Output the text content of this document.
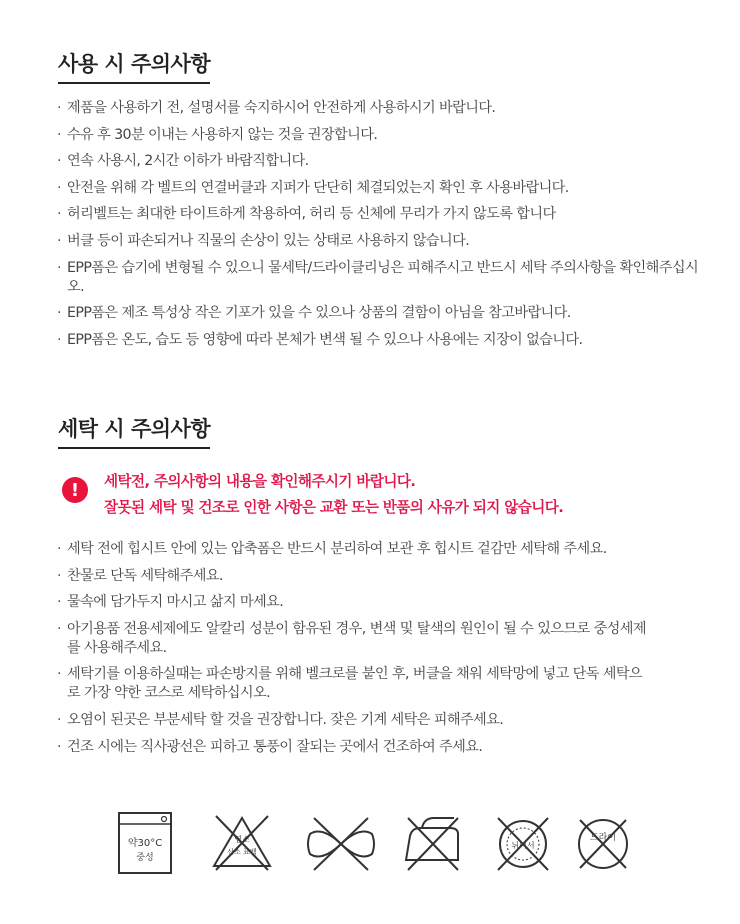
사용 시 주의사항
· 제품을 사용하기 전, 설명서를 숙지하시어 안전하게 사용하시기 바랍니다.
· 수유 후 30분 이내는 사용하지 않는 것을 권장합니다.
· 연속 사용시, 2시간 이하가 바람직합니다.
· 안전을 위해 각 벨트의 연결버클과 지퍼가 단단히 체결되었는지 확인 후 사용바랍니다.
· 허리벨트는 최대한 타이트하게 착용하여, 허리 등 신체에 무리가 가지 않도록 합니다
· 버클 등이 파손되거나 직물의 손상이 있는 상태로 사용하지 않습니다.
· EPP폼은 습기에 변형될 수 있으니 물세탁/드라이클리닝은 피해주시고 반드시 세탁 주의사항을 확인해주십시오.
· EPP폼은 제조 특성상 작은 기포가 있을 수 있으나 상품의 결함이 아님을 참고바랍니다.
· EPP폼은 온도, 습도 등 영향에 따라 본체가 변색 될 수 있으나 사용에는 지장이 없습니다.
세탁 시 주의사항
!	세탁전, 주의사항의 내용을 확인해주시기 바랍니다.
잘못된 세탁 및 건조로 인한 사항은 교환 또는 반품의 사유가 되지 않습니다.
· 세탁 전에 힙시트 안에 있는 압축폼은 반드시 분리하여 보관 후 힙시트 겉감만 세탁해 주세요.
· 찬물로 단독 세탁해주세요.
· 물속에 담가두지 마시고 삶지 마세요.
· 아기용품 전용세제에도 알칼리 성분이 함유된 경우, 변색 및 탈색의 원인이 될 수 있으므로 중성세제를 사용해주세요.
· 세탁기를 이용하실때는 파손방지를 위해 벨크로를 붙인 후, 버클을 채워 세탁망에 넣고 단독 세탁으로 가장 약한 코스로 세탁하십시오.
· 오염이 된곳은 부분세탁 할 것을 권장합니다. 잦은 기계 세탁은 피해주세요.
· 건조 시에는 직사광선은 피하고 통풍이 잘되는 곳에서 건조하여 주세요.
약30°C
중성
염소
산소 표백
뉘어서
드라이
